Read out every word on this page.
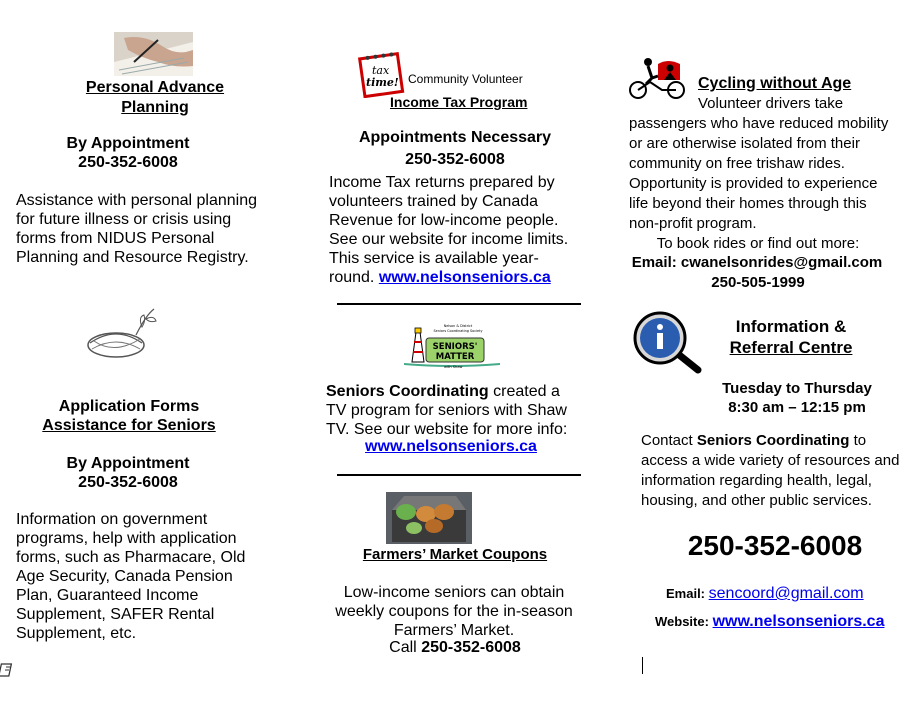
Personal Advance
Planning
By Appointment
250-352-6008
Assistance with personal planning for future illness or crisis using forms from NIDUS Personal Planning and Resource Registry.
Application Forms
Assistance for Seniors
By Appointment
250-352-6008
Information on government programs, help with application forms, such as Pharmacare, Old Age Security, Canada Pension Plan, Guaranteed Income Supplement, SAFER Rental Supplement, etc.
tax
time! Community Volunteer
Income Tax Program
Appointments Necessary
250-352-6008
Income Tax returns prepared by volunteers trained by Canada Revenue for low-income people. See our website for income limits. This service is available year-round. www.nelsonseniors.ca
SENIORS'
MATTER
Nelson & District
Seniors Coordinating Society
with Shaw
Seniors Coordinating created a TV program for seniors with Shaw TV. See our website for more info:
www.nelsonseniors.ca
Farmers’ Market Coupons
Low-income seniors can obtain weekly coupons for the in-season Farmers’ Market.
Call 250-352-6008
Cycling without Age
Volunteer drivers take passengers who have reduced mobility or are otherwise isolated from their community on free trishaw rides. Opportunity is provided to experience life beyond their homes through this non-profit program.
To book rides or find out more:
Email: cwanelsonrides@gmail.com
250-505-1999
Information &
Referral Centre
Tuesday to Thursday
8:30 am – 12:15 pm
Contact Seniors Coordinating to access a wide variety of resources and information regarding health, legal, housing, and other public services.
250-352-6008
Email: sencoord@gmail.com
Website: www.nelsonseniors.ca
